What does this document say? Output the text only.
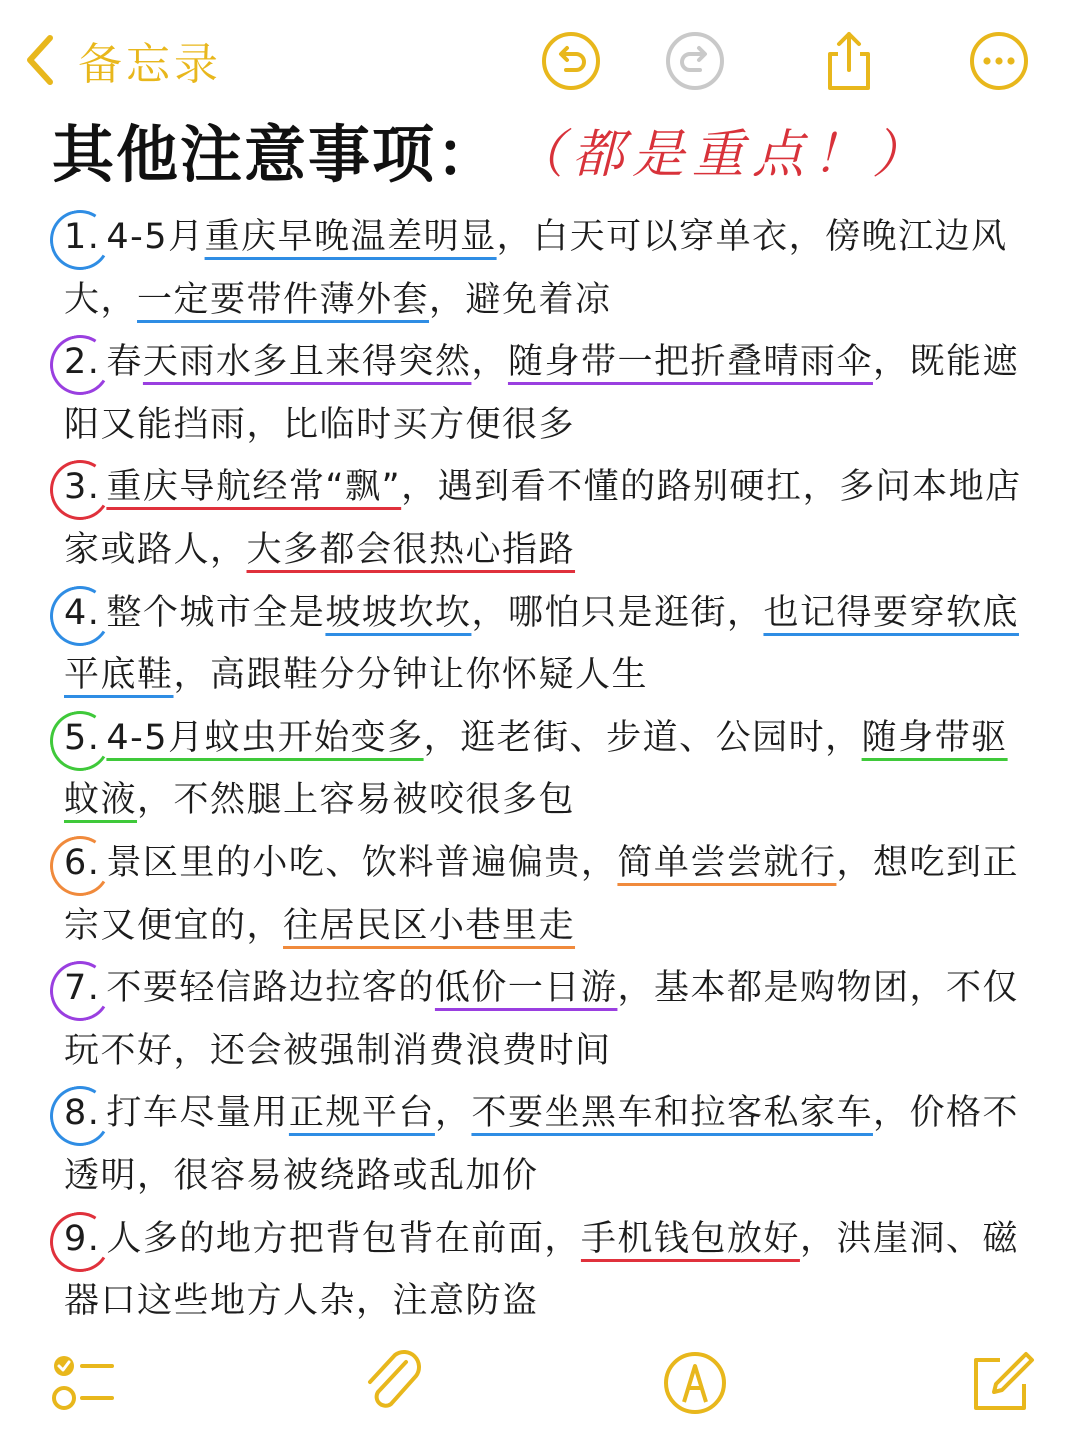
备忘录
其他注意事项： （都是重点！）
1. 4-5月重庆早晚温差明显，白天可以穿单衣，傍晚江边风大，一定要带件薄外套，避免着凉
2. 春天雨水多且来得突然，随身带一把折叠晴雨伞，既能遮阳又能挡雨，比临时买方便很多
3. 重庆导航经常“飘”，遇到看不懂的路别硬扛，多问本地店家或路人，大多都会很热心指路
4. 整个城市全是坡坡坎坎，哪怕只是逛街，也记得要穿软底平底鞋，高跟鞋分分钟让你怀疑人生
5. 4-5月蚊虫开始变多，逛老街、步道、公园时，随身带驱蚊液，不然腿上容易被咬很多包
6. 景区里的小吃、饮料普遍偏贵，简单尝尝就行，想吃到正宗又便宜的，往居民区小巷里走
7. 不要轻信路边拉客的低价一日游，基本都是购物团，不仅玩不好，还会被强制消费浪费时间
8. 打车尽量用正规平台，不要坐黑车和拉客私家车，价格不透明，很容易被绕路或乱加价
9. 人多的地方把背包背在前面，手机钱包放好，洪崖洞、磁器口这些地方人杂，注意防盗
